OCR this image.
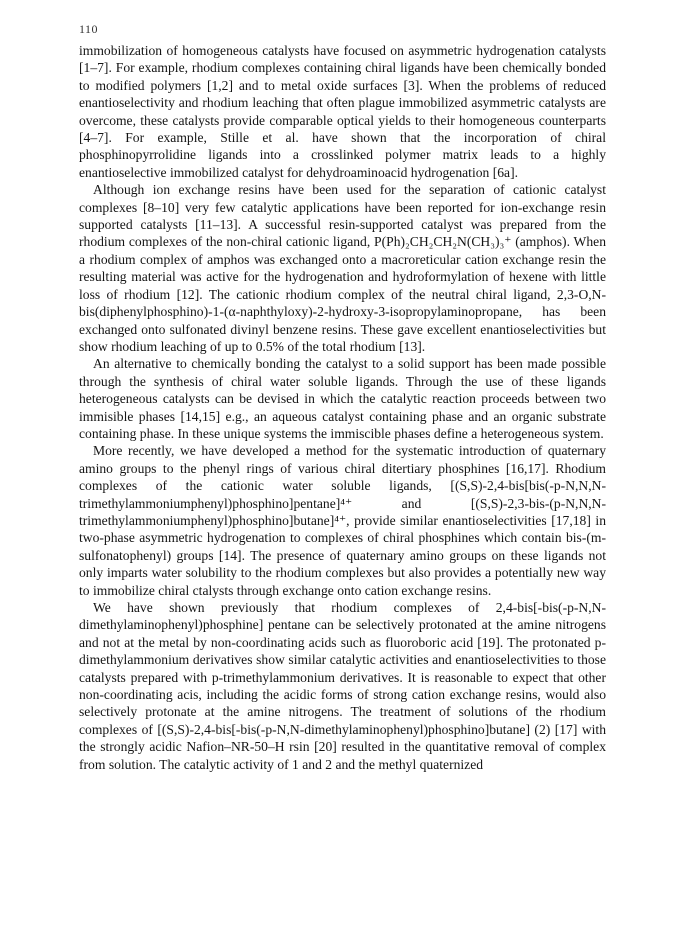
110

immobilization of homogeneous catalysts have focused on asymmetric hydrogenation catalysts [1–7]. For example, rhodium complexes containing chiral ligands have been chemically bonded to modified polymers [1,2] and to metal oxide surfaces [3]. When the problems of reduced enantioselectivity and rhodium leaching that often plague immobilized asymmetric catalysts are overcome, these catalysts provide comparable optical yields to their homogeneous counterparts [4–7]. For example, Stille et al. have shown that the incorporation of chiral phosphinopyrrolidine ligands into a crosslinked polymer matrix leads to a highly enantioselective immobilized catalyst for dehydroaminoacid hydrogenation [6a].

Although ion exchange resins have been used for the separation of cationic catalyst complexes [8–10] very few catalytic applications have been reported for ion-exchange resin supported catalysts [11–13]. A successful resin-supported catalyst was prepared from the rhodium complexes of the non-chiral cationic ligand, P(Ph)₂CH₂CH₂N(CH₃)₃⁺ (amphos). When a rhodium complex of amphos was exchanged onto a macroreticular cation exchange resin the resulting material was active for the hydrogenation and hydroformylation of hexene with little loss of rhodium [12]. The cationic rhodium complex of the neutral chiral ligand, 2,3-O,N-bis(diphenylphosphino)-1-(α-naphthyloxy)-2-hydroxy-3-isopropylaminopropane, has been exchanged onto sulfonated divinyl benzene resins. These gave excellent enantioselectivities but show rhodium leaching of up to 0.5% of the total rhodium [13].

An alternative to chemically bonding the catalyst to a solid support has been made possible through the synthesis of chiral water soluble ligands. Through the use of these ligands heterogeneous catalysts can be devised in which the catalytic reaction proceeds between two immisible phases [14,15] e.g., an aqueous catalyst containing phase and an organic substrate containing phase. In these unique systems the immiscible phases define a heterogeneous system.

More recently, we have developed a method for the systematic introduction of quaternary amino groups to the phenyl rings of various chiral ditertiary phosphines [16,17]. Rhodium complexes of the cationic water soluble ligands, [(S,S)-2,4-bis[bis(-p-N,N,N-trimethylammoniumphenyl)phosphino]pentane]⁴⁺ and [(S,S)-2,3-bis-(p-N,N,N-trimethylammoniumphenyl)phosphino]butane]⁴⁺, provide similar enantioselectivities [17,18] in two-phase asymmetric hydrogenation to complexes of chiral phosphines which contain bis-(m-sulfonatophenyl) groups [14]. The presence of quaternary amino groups on these ligands not only imparts water solubility to the rhodium complexes but also provides a potentially new way to immobilize chiral ctalysts through exchange onto cation exchange resins.

We have shown previously that rhodium complexes of 2,4-bis[-bis(-p-N,N-dimethylaminophenyl)phosphine] pentane can be selectively protonated at the amine nitrogens and not at the metal by non-coordinating acids such as fluoroboric acid [19]. The protonated p-dimethylammonium derivatives show similar catalytic activities and enantioselectivities to those catalysts prepared with p-trimethylammonium derivatives. It is reasonable to expect that other non-coordinating acis, including the acidic forms of strong cation exchange resins, would also selectively protonate at the amine nitrogens. The treatment of solutions of the rhodium complexes of [(S,S)-2,4-bis[-bis(-p-N,N-dimethylaminophenyl)phosphino]butane] (2) [17] with the strongly acidic Nafion–NR-50–H rsin [20] resulted in the quantitative removal of complex from solution. The catalytic activity of 1 and 2 and the methyl quaternized
